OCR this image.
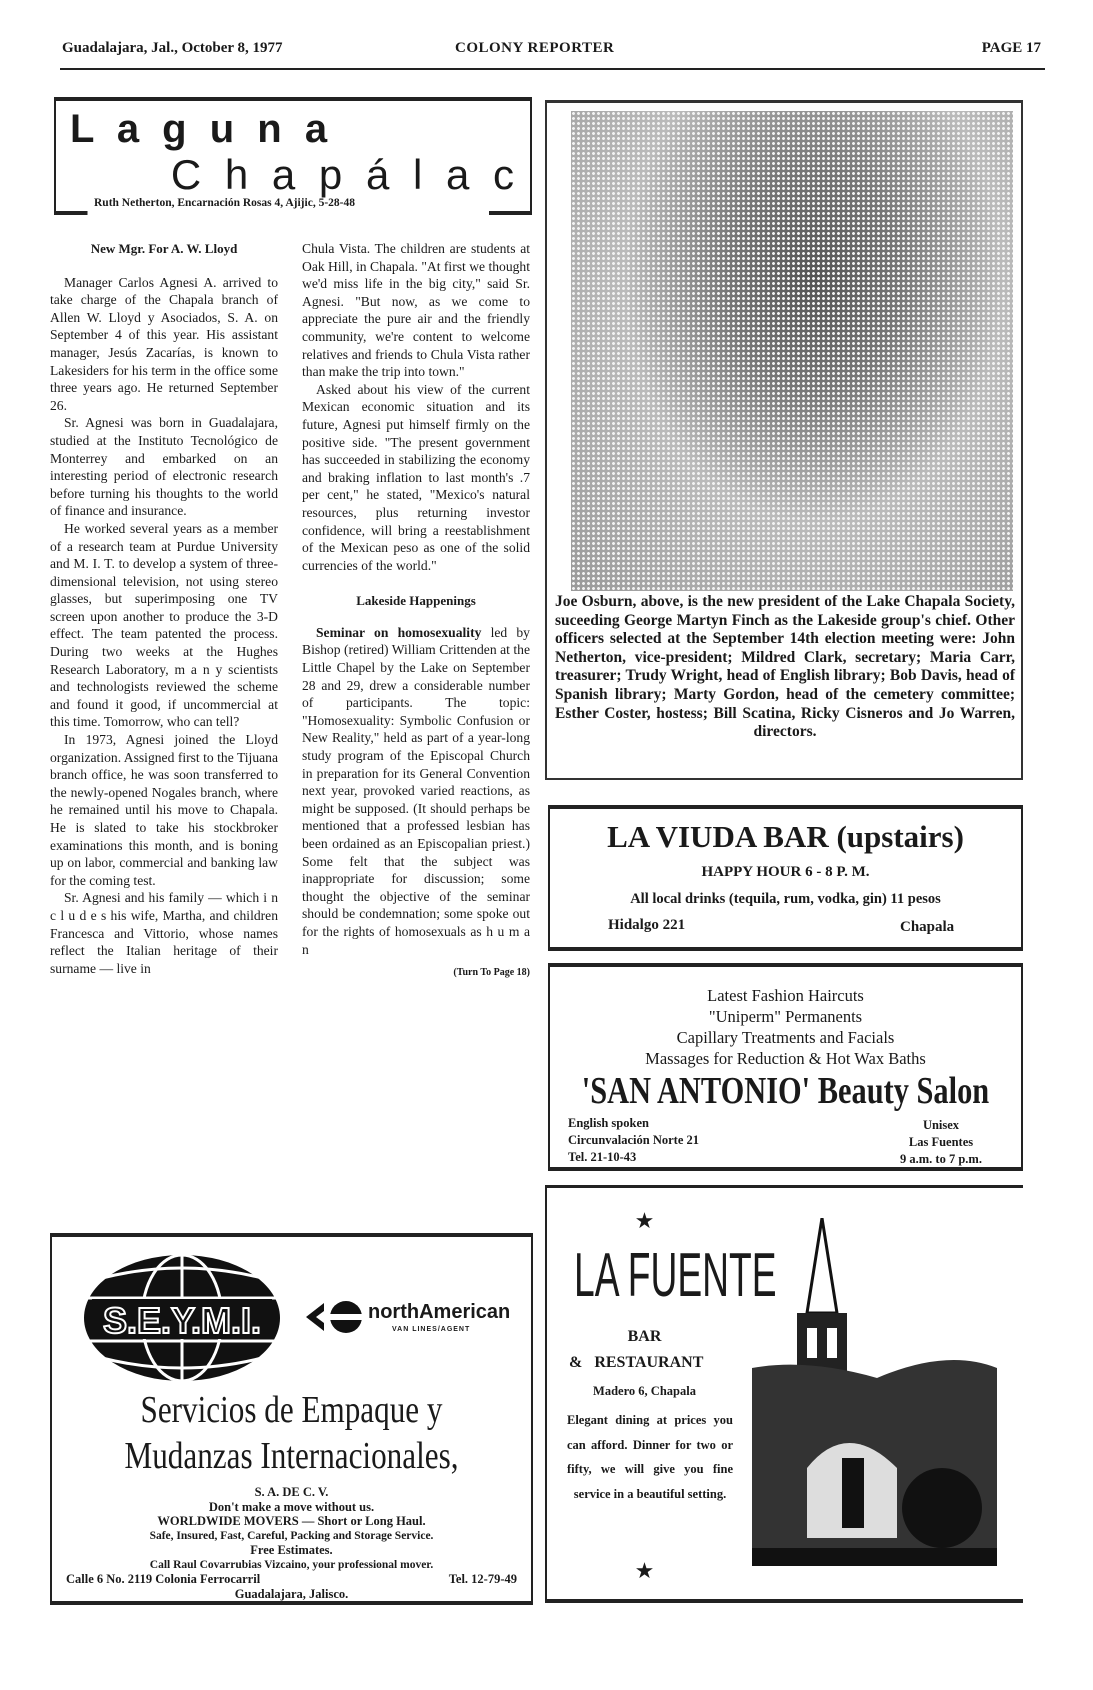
Guadalajara, Jal., October 8, 1977	COLONY REPORTER	PAGE 17
L a g u n a
C h a p á l a c
Ruth Netherton, Encarnación Rosas 4, Ajijic, 5-28-48
New Mgr. For A. W. Lloyd

Manager Carlos Agnesi A. arrived to take charge of the Chapala branch of Allen W. Lloyd y Asociados, S. A. on September 4 of this year. His assistant manager, Jesús Zacarías, is known to Lakesiders for his term in the office some three years ago. He returned September 26.

Sr. Agnesi was born in Guadalajara, studied at the Instituto Tecnológico de Monterrey and embarked on an interesting period of electronic research before turning his thoughts to the world of finance and insurance.

He worked several years as a member of a research team at Purdue University and M. I. T. to develop a system of three-dimensional television, not using stereo glasses, but superimposing one TV screen upon another to produce the 3-D effect. The team patented the process. During two weeks at the Hughes Research Laboratory, m a n y scientists and technologists reviewed the scheme and found it good, if uncommercial at this time. Tomorrow, who can tell?

In 1973, Agnesi joined the Lloyd organization. Assigned first to the Tijuana branch office, he was soon transferred to the newly-opened Nogales branch, where he remained until his move to Chapala. He is slated to take his stockbroker examinations this month, and is boning up on labor, commercial and banking law for the coming test.

Sr. Agnesi and his family — which i n c l u d e s his wife, Martha, and children Francesca and Vittorio, whose names reflect the Italian heritage of their surname — live in

Chula Vista. The children are students at Oak Hill, in Chapala. "At first we thought we'd miss life in the big city," said Sr. Agnesi. "But now, as we come to appreciate the pure air and the friendly community, we're content to welcome relatives and friends to Chula Vista rather than make the trip into town."

Asked about his view of the current Mexican economic situation and its future, Agnesi put himself firmly on the positive side. "The present government has succeeded in stabilizing the economy and braking inflation to last month's .7 per cent," he stated, "Mexico's natural resources, plus returning investor confidence, will bring a reestablishment of the Mexican peso as one of the solid currencies of the world."

Lakeside Happenings

Seminar on homosexuality led by Bishop (retired) William Crittenden at the Little Chapel by the Lake on September 28 and 29, drew a considerable number of participants. The topic: "Homosexuality: Symbolic Confusion or New Reality," held as part of a year-long study program of the Episcopal Church in preparation for its General Convention next year, provoked varied reactions, as might be supposed. (It should perhaps be mentioned that a professed lesbian has been ordained as an Episcopalian priest.) Some felt that the subject was inappropriate for discussion; some thought the objective of the seminar should be condemnation; some spoke out for the rights of homosexuals as h u m a n

(Turn To Page 18)
Joe Osburn, above, is the new president of the Lake Chapala Society, suceeding George Martyn Finch as the Lakeside group's chief. Other officers selected at the September 14th election meeting were: John Netherton, vice-president; Mildred Clark, secretary; Maria Carr, treasurer; Trudy Wright, head of English library; Bob Davis, head of Spanish library; Marty Gordon, head of the cemetery committee; Esther Coster, hostess; Bill Scatina, Ricky Cisneros and Jo Warren, directors.
LA VIUDA BAR (upstairs)
HAPPY HOUR 6 - 8 P. M.
All local drinks (tequila, rum, vodka, gin) 11 pesos
Hidalgo 221	Chapala
Latest Fashion Haircuts
"Uniperm" Permanents
Capillary Treatments and Facials
Massages for Reduction & Hot Wax Baths
'SAN ANTONIO' Beauty Salon
English spoken
Circunvalación Norte 21
Tel. 21-10-43
Unisex
Las Fuentes
9 a.m. to 7 p.m.
S.E.Y.M.I.	northAmerican
VAN LINES/AGENT
Servicios de Empaque y
Mudanzas Internacionales,
S. A. DE C. V.
Don't make a move without us.
WORLDWIDE MOVERS — Short or Long Haul.
Safe, Insured, Fast, Careful, Packing and Storage Service.
Free Estimates.
Call Raul Covarrubias Vizcaino, your professional mover.
Calle 6 No. 2119 Colonia Ferrocarril	Tel. 12-79-49
Guadalajara, Jalisco.
★
LA FUENTE
BAR
&   RESTAURANT
Madero 6, Chapala
Elegant dining at prices you can afford. Dinner for two or fifty, we will give you fine service in a beautiful setting.
★
